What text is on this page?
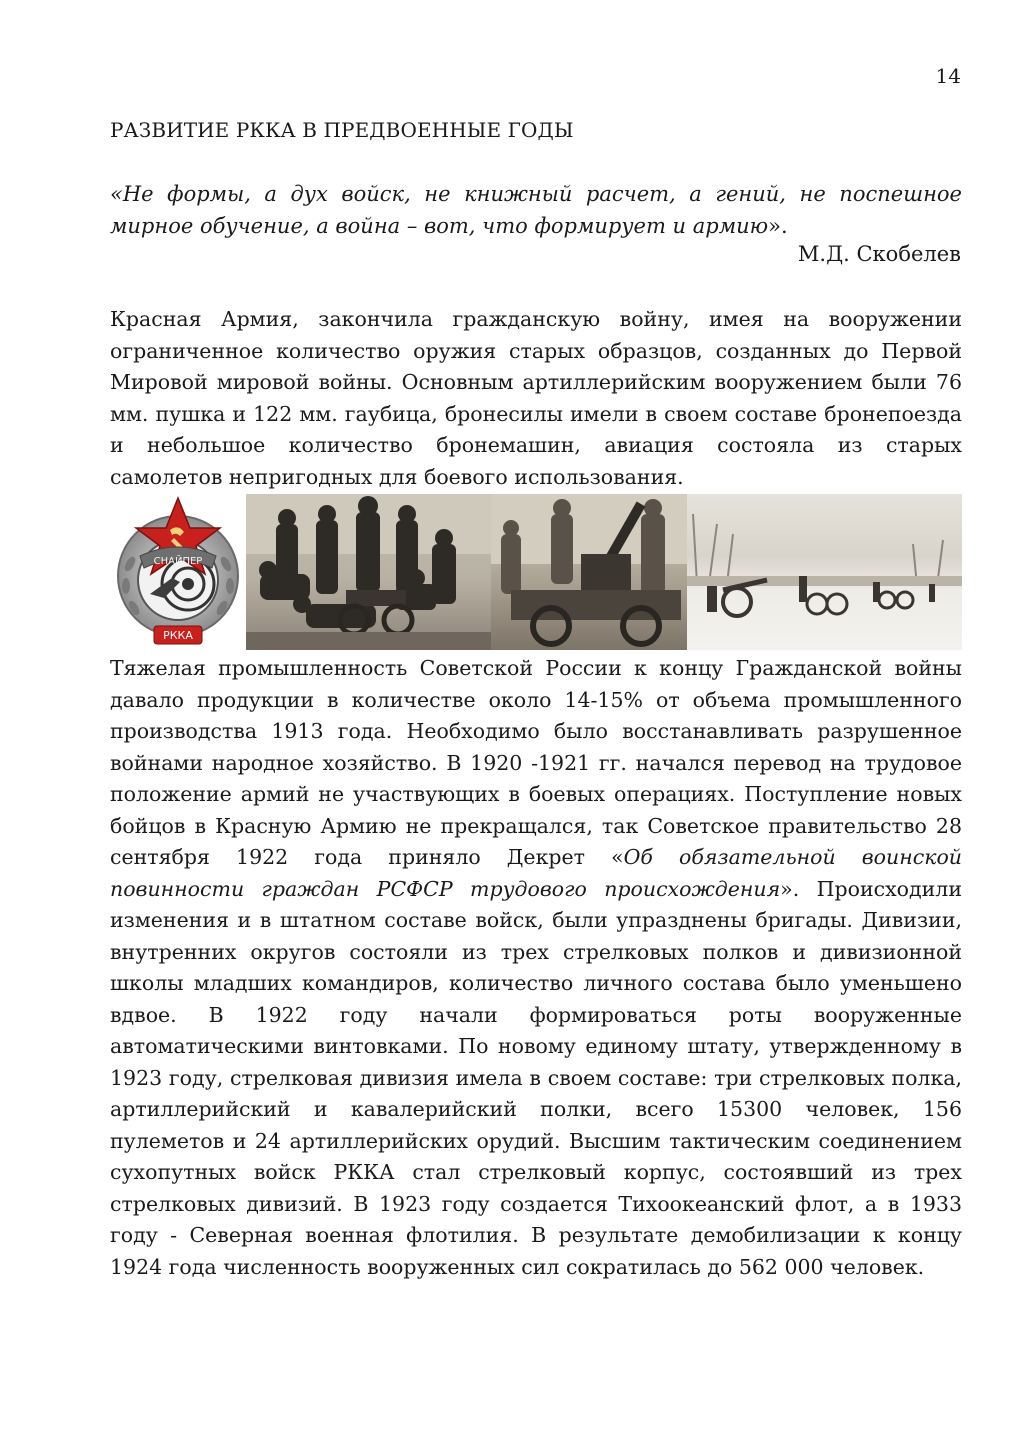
14
РАЗВИТИЕ РККА В ПРЕДВОЕННЫЕ ГОДЫ
«Не формы, а дух войск, не книжный расчет, а гений, не поспешное мирное обучение, а война – вот, что формирует и армию».
М.Д. Скобелев
Красная Армия, закончила гражданскую войну, имея на вооружении ограниченное количество оружия старых образцов, созданных до Первой Мировой мировой войны. Основным артиллерийским вооружением были 76 мм. пушка и 122 мм. гаубица, бронесилы имели в своем составе бронепоезда и небольшое количество бронемашин, авиация состояла из старых самолетов непригодных для боевого использования.
СНАЙПЕР
РККА
Тяжелая промышленность Советской России к концу Гражданской войны давало продукции в количестве около 14-15% от объема промышленного производства 1913 года. Необходимо было восстанавливать разрушенное войнами народное хозяйство. В 1920 -1921 гг. начался перевод на трудовое положение армий не участвующих в боевых операциях. Поступление новых бойцов в Красную Армию не прекращался, так Советское правительство 28 сентября 1922 года приняло Декрет «Об обязательной воинской повинности граждан РСФСР трудового происхождения». Происходили изменения и в штатном составе войск, были упразднены бригады. Дивизии, внутренних округов состояли из трех стрелковых полков и дивизионной школы младших командиров, количество личного состава было уменьшено вдвое. В 1922 году начали формироваться роты вооруженные автоматическими винтовками. По новому единому штату, утвержденному в 1923 году, стрелковая дивизия имела в своем составе: три стрелковых полка, артиллерийский и кавалерийский полки, всего 15300 человек, 156 пулеметов и 24 артиллерийских орудий. Высшим тактическим соединением сухопутных войск РККА стал стрелковый корпус, состоявший из трех стрелковых дивизий. В 1923 году создается Тихоокеанский флот, а в 1933 году - Северная военная флотилия. В результате демобилизации к концу 1924 года численность вооруженных сил сократилась до 562 000 человек.
